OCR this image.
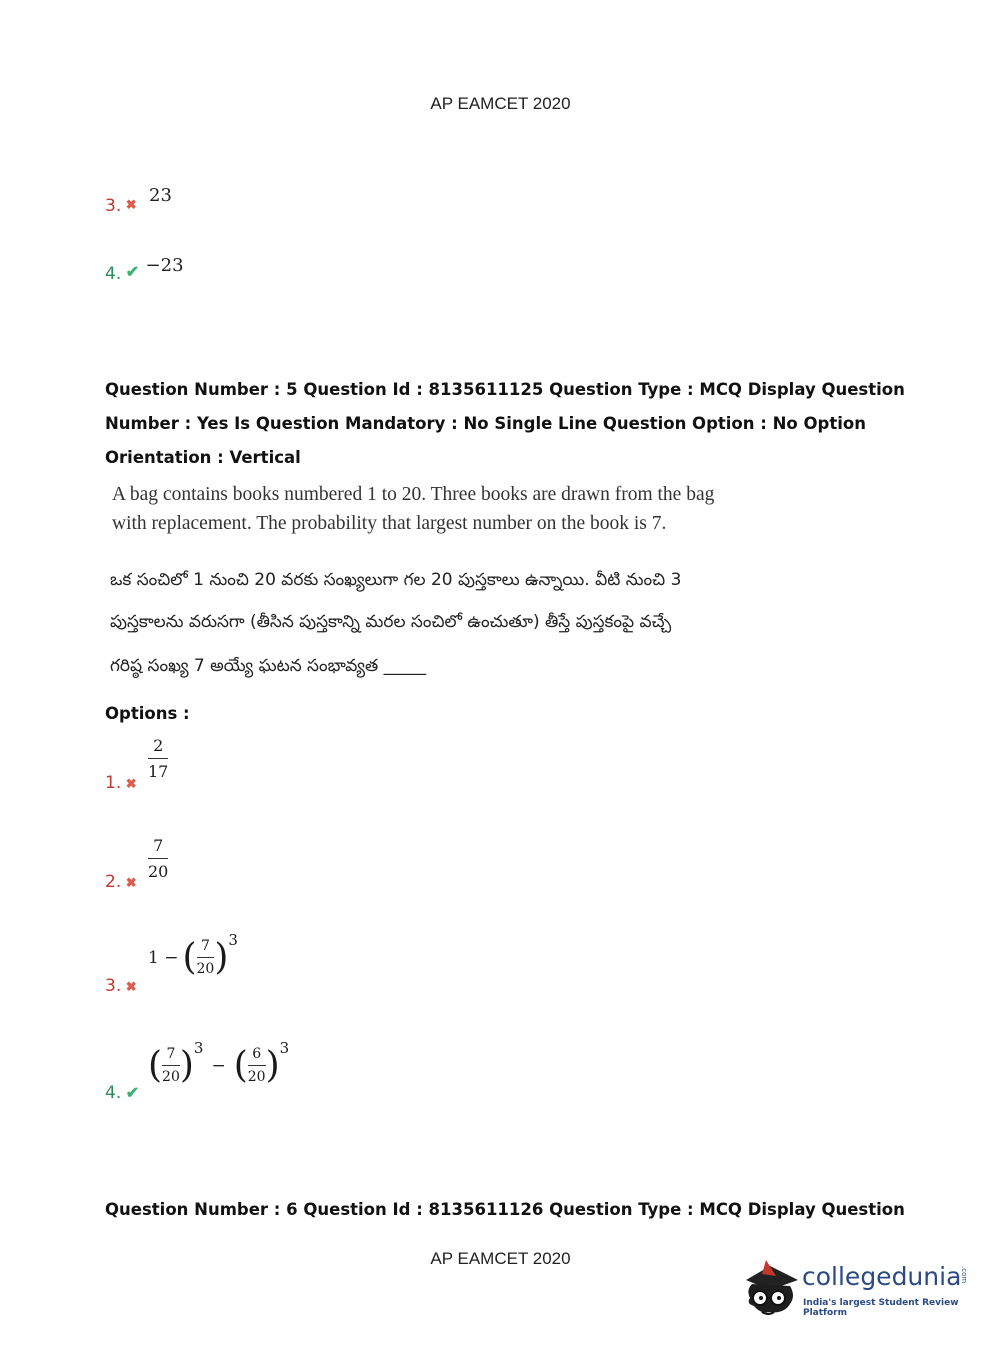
AP EAMCET 2020
3. $_✖$ 23
4. ✔ −23
Question Number : 5 Question Id : 8135611125 Question Type : MCQ Display Question
Number : Yes Is Question Mandatory : No Single Line Question Option : No Option
Orientation : Vertical
A bag contains books numbered 1 to 20. Three books are drawn from the bag with replacement. The probability that largest number on the book is 7.
ఒక సంచిలో 1 నుంచి 20 వరకు సంఖ్యలుగా గల 20 పుస్తకాలు ఉన్నాయి. వీటి నుంచి 3
పుస్తకాలను వరుసగా (తీసిన పుస్తకాన్ని మరల సంచిలో ఉంచుతూ) తీస్తే పుస్తకంపై వచ్చే
గరిష్ఠ సంఖ్య 7 అయ్యే ఘటన సంభావ్యత _____
Options :
1. ✖
2
17
2. ✖
7
20
3. ✖
1 − ( $\frac{7}{20}$ ) 3
4. ✔
( $\frac{7}{20}$ ) 3
− ( $\frac{6}{20}$ ) 3
Question Number : 6 Question Id : 8135611126 Question Type : MCQ Display Question
AP EAMCET 2020
collegedunia
.com
India's largest Student Review Platform
